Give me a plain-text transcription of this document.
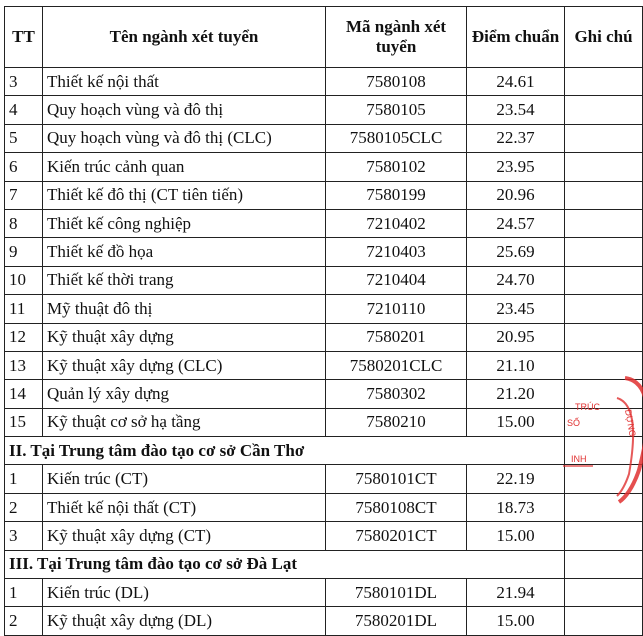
TT	Tên ngành xét tuyển	Mã ngành xét tuyển	Điểm chuẩn	Ghi chú
3	Thiết kế nội thất	7580108	24.61	
4	Quy hoạch vùng và đô thị	7580105	23.54	
5	Quy hoạch vùng và đô thị (CLC)	7580105CLC	22.37	
6	Kiến trúc cảnh quan	7580102	23.95	
7	Thiết kế đô thị (CT tiên tiến)	7580199	20.96	
8	Thiết kế công nghiệp	7210402	24.57	
9	Thiết kế đồ họa	7210403	25.69	
10	Thiết kế thời trang	7210404	24.70	
11	Mỹ thuật đô thị	7210110	23.45	
12	Kỹ thuật xây dựng	7580201	20.95	
13	Kỹ thuật xây dựng (CLC)	7580201CLC	21.10	
14	Quản lý xây dựng	7580302	21.20	
15	Kỹ thuật cơ sở hạ tầng	7580210	15.00	
II. Tại Trung tâm đào tạo cơ sở Cần Thơ				
1	Kiến trúc (CT)	7580101CT	22.19	
2	Thiết kế nội thất (CT)	7580108CT	18.73	
3	Kỹ thuật xây dựng (CT)	7580201CT	15.00	
III. Tại Trung tâm đào tạo cơ sở Đà Lạt				
1	Kiến trúc (DL)	7580101DL	21.94	
2	Kỹ thuật xây dựng (DL)	7580201DL	15.00	
TRÚC
SỐ
INH
DỰNG
